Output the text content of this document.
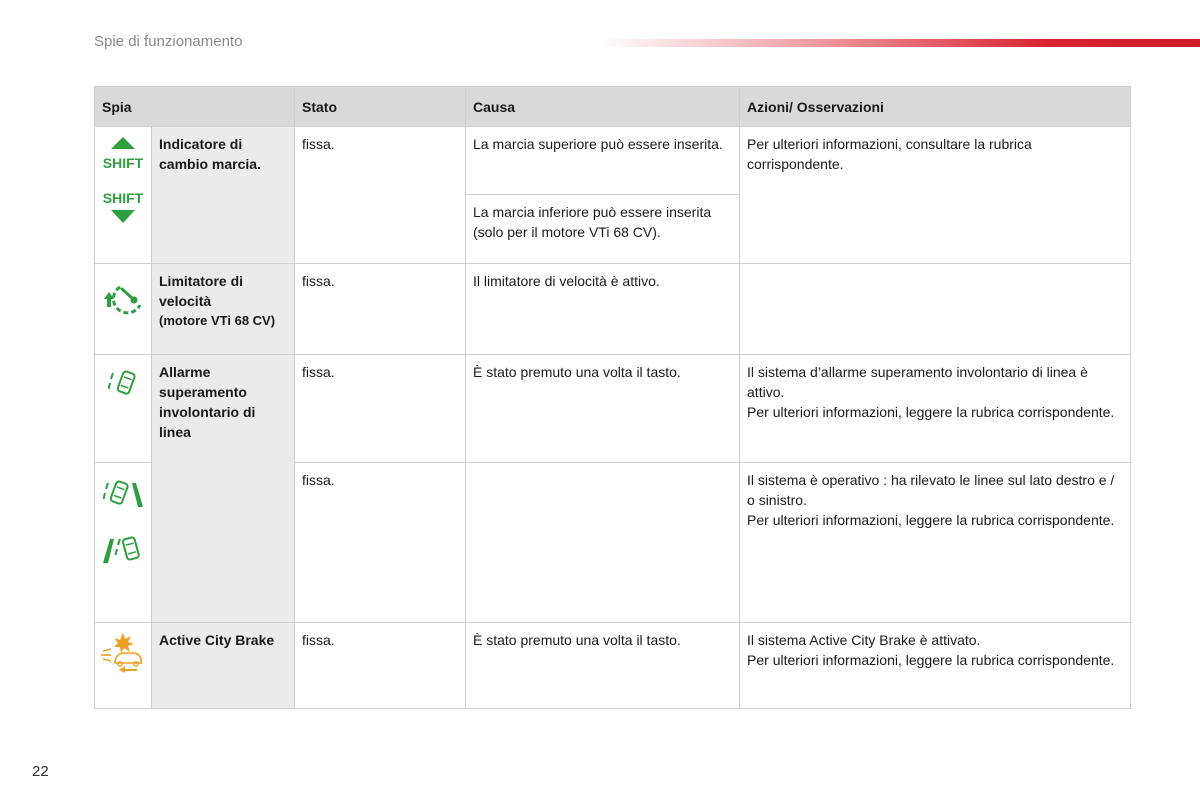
Spie di funzionamento
Spia		Stato	Causa	Azioni/ Osservazioni

SHIFT
SHIFT	Indicatore di cambio marcia.	fissa.	La marcia superiore può essere inserita.	Per ulteriori informazioni, consultare la rubrica corrispondente.

			La marcia inferiore può essere inserita (solo per il motore VTi 68 CV).	

Limitatore di velocità
(motore VTi 68 CV)	fissa.	Il limitatore di velocità è attivo.	

Allarme superamento involontario di linea	fissa.	È stato premuto una volta il tasto.	Il sistema d’allarme superamento involontario di linea è attivo.
Per ulteriori informazioni, leggere la rubrica corrispondente.

fissa.		Il sistema è operativo : ha rilevato le linee sul lato destro e / o sinistro.
Per ulteriori informazioni, leggere la rubrica corrispondente.

Active City Brake	fissa.	È stato premuto una volta il tasto.	Il sistema Active City Brake è attivato.
Per ulteriori informazioni, leggere la rubrica corrispondente.
22
